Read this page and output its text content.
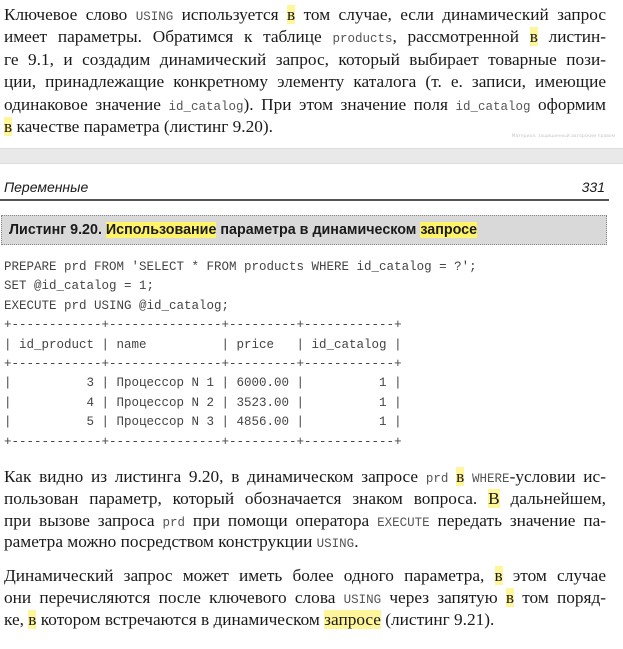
Ключевое слово USING используется в том случае, если динамический запрос
имеет параметры. Обратимся к таблице products, рассмотренной в листин-
ге 9.1, и создадим динамический запрос, который выбирает товарные пози-
ции, принадлежащие конкретному элементу каталога (т. е. записи, имеющие
одинаковое значение id_catalog). При этом значение поля id_catalog оформим
в качестве параметра (листинг 9.20).
Материал, защищенный авторским правом
Переменные	331
Листинг 9.20. Использование параметра в динамическом запросе
PREPARE prd FROM 'SELECT * FROM products WHERE id_catalog = ?';
SET @id_catalog = 1;
EXECUTE prd USING @id_catalog;
+------------+---------------+---------+------------+
| id_product | name          | price   | id_catalog |
+------------+---------------+---------+------------+
|          3 | Процессор N 1 | 6000.00 |          1 |
|          4 | Процессор N 2 | 3523.00 |          1 |
|          5 | Процессор N 3 | 4856.00 |          1 |
+------------+---------------+---------+------------+
Как видно из листинга 9.20, в динамическом запросе prd в WHERE-условии ис-
пользован параметр, который обозначается знаком вопроса. В дальнейшем,
при вызове запроса prd при помощи оператора EXECUTE передать значение па-
раметра можно посредством конструкции USING.
Динамический запрос может иметь более одного параметра, в этом случае
они перечисляются после ключевого слова USING через запятую в том поряд-
ке, в котором встречаются в динамическом запросе (листинг 9.21).
